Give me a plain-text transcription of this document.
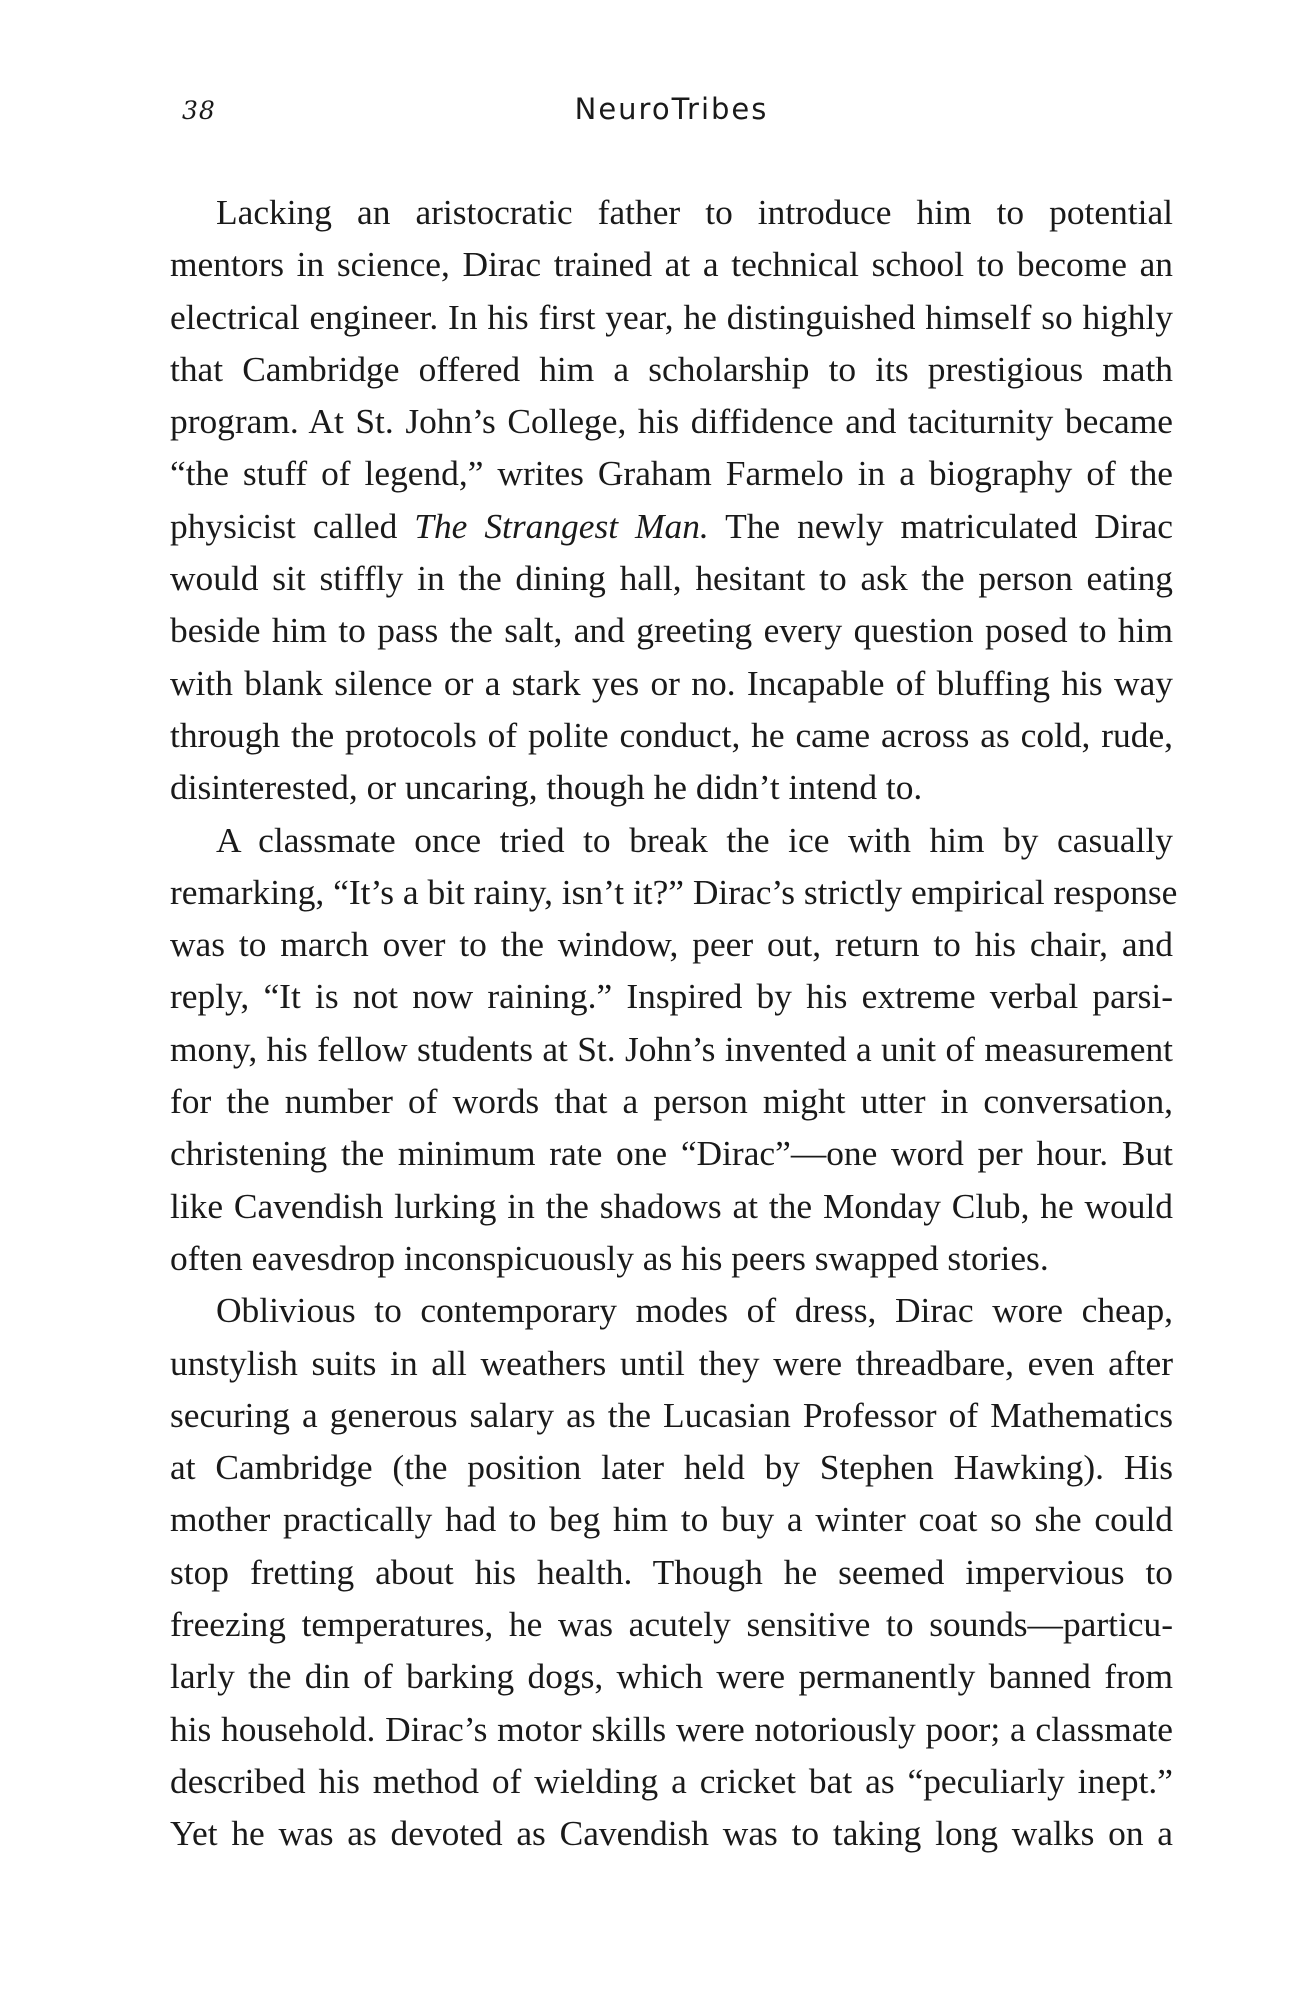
38	NeuroTribes
Lacking an aristocratic father to introduce him to potential
mentors in science, Dirac trained at a technical school to become an
electrical engineer. In his first year, he distinguished himself so highly
that Cambridge offered him a scholarship to its prestigious math
program. At St. John’s College, his diffidence and taciturnity became
“the stuff of legend,” writes Graham Farmelo in a biography of the
physicist called The Strangest Man. The newly matriculated Dirac
would sit stiffly in the dining hall, hesitant to ask the person eating
beside him to pass the salt, and greeting every question posed to him
with blank silence or a stark yes or no. Incapable of bluffing his way
through the protocols of polite conduct, he came across as cold, rude,
disinterested, or uncaring, though he didn’t intend to.
A classmate once tried to break the ice with him by casually
remarking, “It’s a bit rainy, isn’t it?” Dirac’s strictly empirical response
was to march over to the window, peer out, return to his chair, and
reply, “It is not now raining.” Inspired by his extreme verbal parsi-
mony, his fellow students at St. John’s invented a unit of measurement
for the number of words that a person might utter in conversation,
christening the minimum rate one “Dirac”—one word per hour. But
like Cavendish lurking in the shadows at the Monday Club, he would
often eavesdrop inconspicuously as his peers swapped stories.
Oblivious to contemporary modes of dress, Dirac wore cheap,
unstylish suits in all weathers until they were threadbare, even after
securing a generous salary as the Lucasian Professor of Mathematics
at Cambridge (the position later held by Stephen Hawking). His
mother practically had to beg him to buy a winter coat so she could
stop fretting about his health. Though he seemed impervious to
freezing temperatures, he was acutely sensitive to sounds—particu-
larly the din of barking dogs, which were permanently banned from
his household. Dirac’s motor skills were notoriously poor; a classmate
described his method of wielding a cricket bat as “peculiarly inept.”
Yet he was as devoted as Cavendish was to taking long walks on a
